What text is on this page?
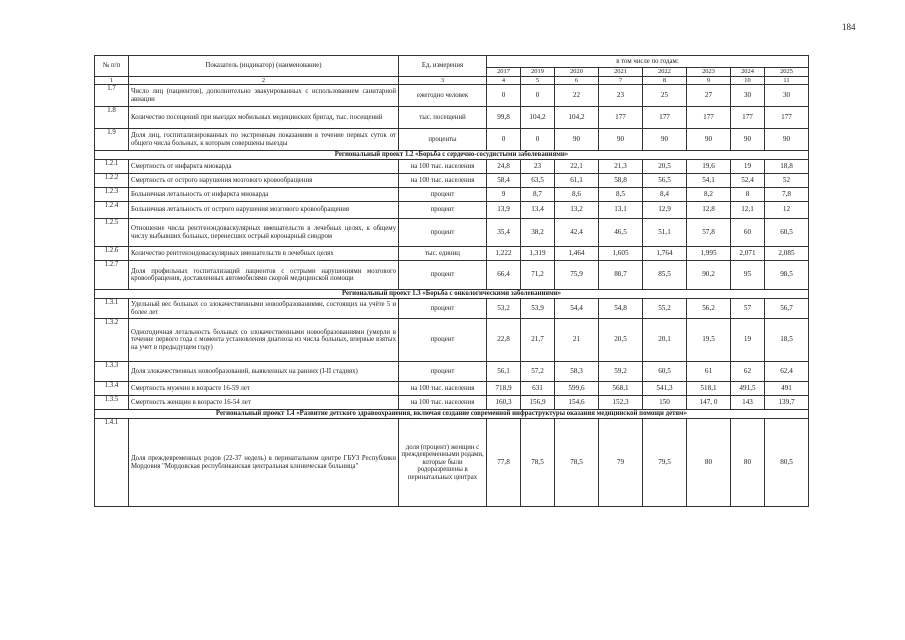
184
№ п/п	Показатель (индикатор) (наименование)	Ед. измерения	в том числе по годам:							
			2017	2019	2020	2021	2022	2023	2024	2025
1	2	3	4	5	6	7	8	9	10	11
1.7	Число лиц (пациентов), дополнительно эвакуированных с использованием санитарной авиации	ежегодно человек	0	0	22	23	25	27	30	30
1.8	Количество посещений при выездах мобильных медицинских бригад, тыс. посещений	тыс. посещений	99,8	104,2	104,2	177	177	177	177	177
1.9	Доля лиц, госпитализированных по экстренным показаниям в течение первых суток от общего числа больных, к которым совершены выезды	проценты	0	0	90	90	90	90	90	90
Региональный проект 1.2 «Борьба с сердечно-сосудистыми заболеваниями»										
1.2.1	Смертность от инфаркта миокарда	на 100 тыс. населения	24,8	23	22,1	21,3	20,5	19,6	19	18,8
1.2.2	Смертность от острого нарушения мозгового кровообращения	на 100 тыс. населения	58,4	63,5	61,1	58,8	56,5	54,1	52,4	52
1.2.3	Больничная летальность от инфаркта миокарда	процент	9	8,7	8,6	8,5	8,4	8,2	8	7,8
1.2.4	Больничная летальность от острого нарушения мозгового кровообращения	процент	13,9	13,4	13,2	13,1	12,9	12,8	12,1	12
1.2.5	Отношение числа рентгенэндоваскулярных вмешательств в лечебных целях, к общему числу выбывших больных, перенесших острый коронарный синдром	процент	35,4	38,2	42,4	46,5	51,1	57,8	60	60,5
1.2.6	Количество рентгенэндоваскулярных вмешательств в лечебных целях	тыс. единиц	1,222	1,319	1,464	1,605	1,764	1,995	2,071	2,085
1.2.7	Доля профильных госпитализаций пациентов с острыми нарушениями мозгового кровообращения, доставленных автомобилями скорой медицинской помощи	процент	66,4	71,2	75,9	80,7	85,5	90,2	95	98,5
Региональный проект 1.3 «Борьба с онкологическими заболеваниями»										
1.3.1	Удельный вес больных со злокачественными новообразованиями, состоящих на учёте 5 и более лет	процент	53,2	53,9	54,4	54,8	55,2	56,2	57	56,7
1.3.2	Одногодичная летальность больных со злокачественными новообразованиями (умерли в течение первого года с момента установления диагноза из числа больных, впервые взятых на учет в предыдущем году)	процент	22,8	21,7	21	20,5	20,1	19,5	19	18,5
1.3.3	Доля злокачественных новообразований, выявленных на ранних (I-II стадиях)	процент	56,1	57,2	58,3	59,2	60,5	61	62	62,4
1.3.4	Смертность мужчин в возрасте 16-59 лет	на 100 тыс. населения	718,9	631	599,6	568,1	541,3	518,1	491,5	491
1.3.5	Смертность женщин в возрасте 16-54 лет	на 100 тыс. населения	160,3	156,9	154,6	152,3	150	147, 0	143	139,7
Региональный проект 1.4 «Развитие детского здравоохранения, включая создание современной инфраструктуры оказания медицинской помощи детям»										
1.4.1	Доля преждевременных родов (22-37 недель) в перинатальном центре ГБУЗ Республики Мордовия "Мордовская республиканская центральная клиническая больница"	доля (процент) женщин с преждевременными родами, которые были родоразрешены в перинатальных центрах	77,8	78,5	78,5	79	79,5	80	80	80,5
